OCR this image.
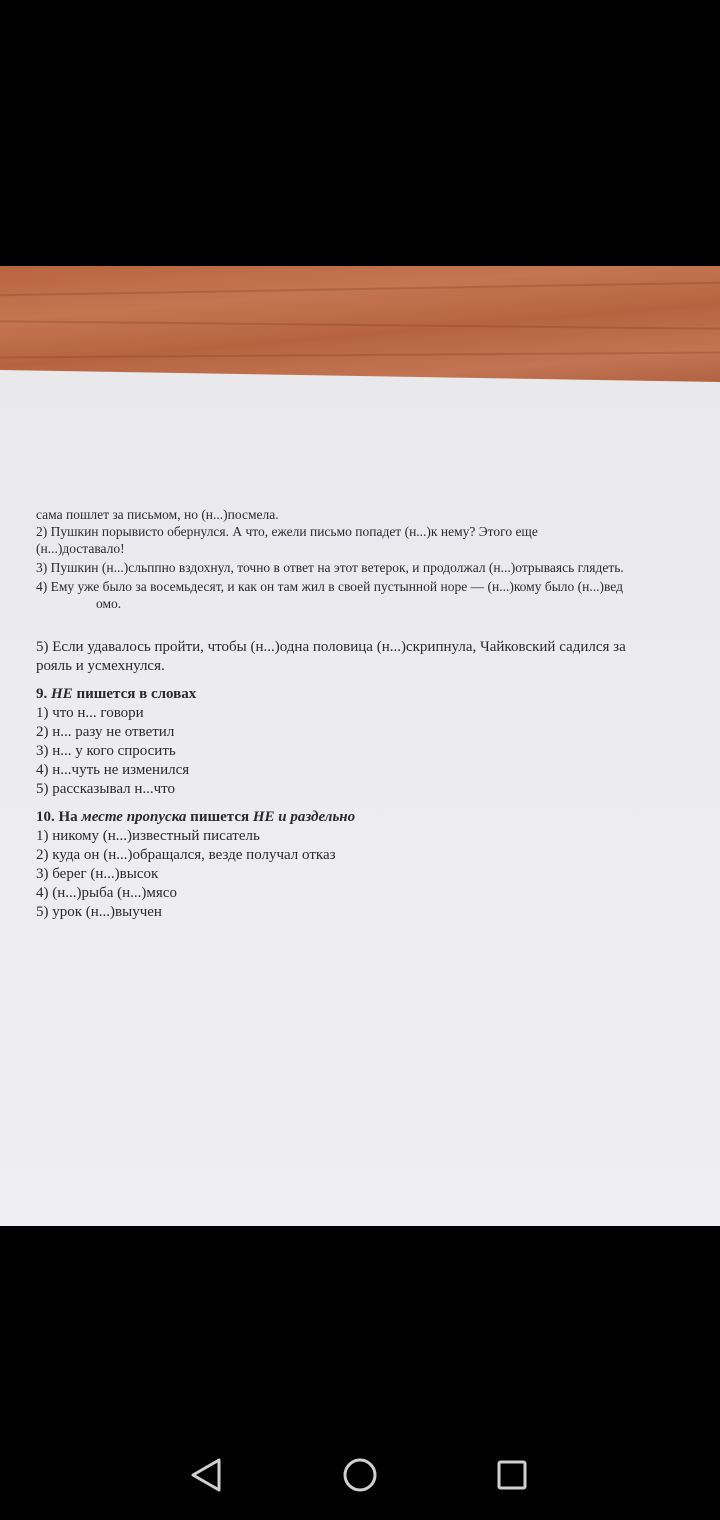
сама пошлет за письмом, но (н...)посмела.
2) Пушкин порывисто обернулся. А что, ежели письмо попадет (н...)к нему? Этого еще
(н...)доставало!
3) Пушкин (н...)сльппно вздохнул, точно в ответ на этот ветерок, и продолжал (н...)отрываясь глядеть.
4) Ему уже было за восемьдесят, и как он там жил в своей пустынной норе — (н...)кому было (н...)вед
омо.
5) Если удавалось пройти, чтобы (н...)одна половица (н...)скрипнула, Чайковский садился за
рояль и усмехнулся.
9. НЕ пишется в словах
1) что н... говори
2) н... разу не ответил
3) н... у кого спросить
4) н...чуть не изменился
5) рассказывал н...что
10. На месте пропуска пишется НЕ и раздельно
1) никому (н...)известный писатель
2) куда он (н...)обращался, везде получал отказ
3) берег (н...)высок
4) (н...)рыба (н...)мясо
5) урок (н...)выучен
